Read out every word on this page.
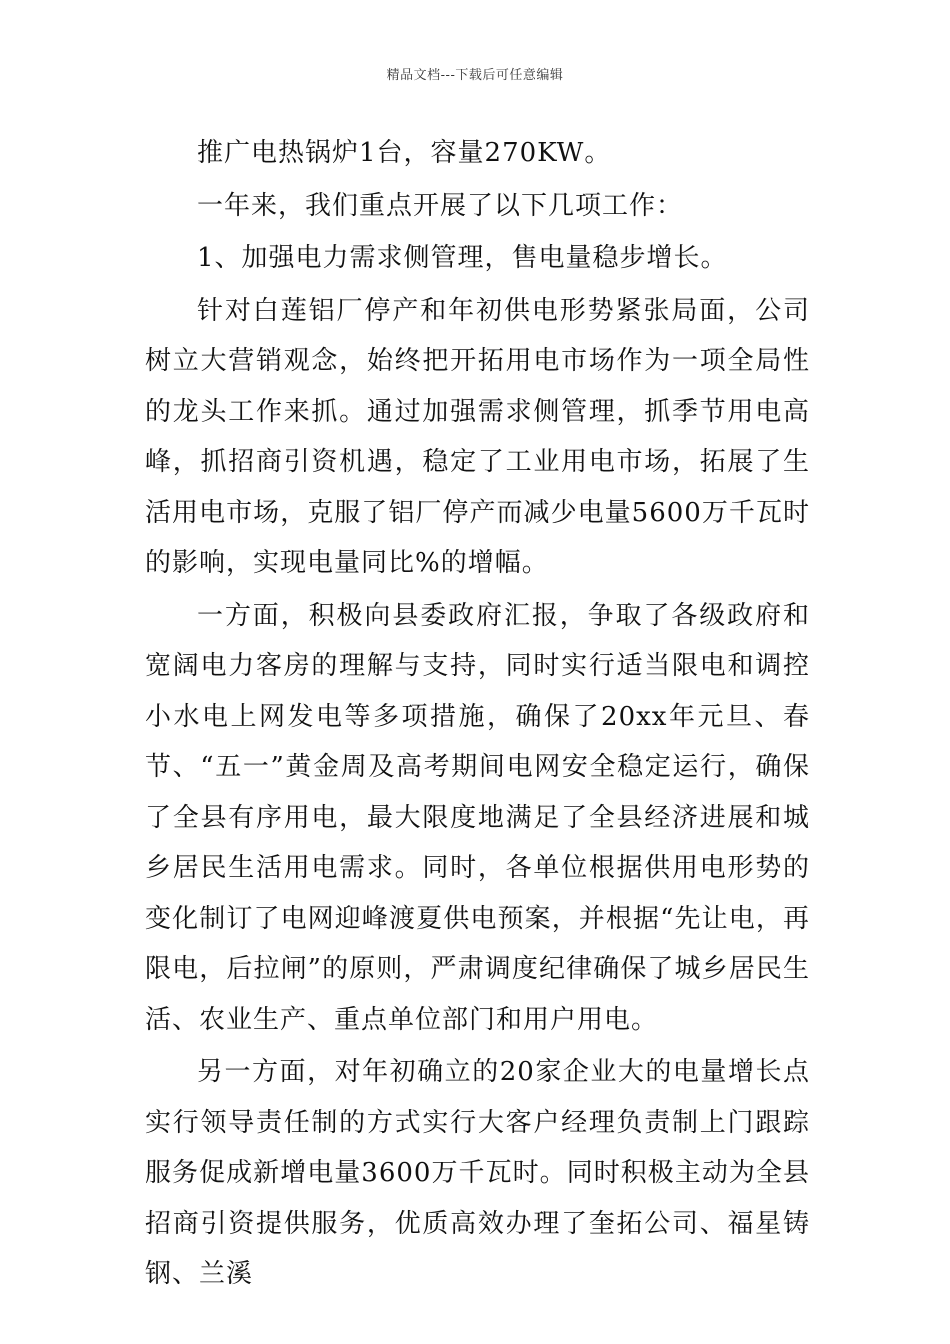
精品文档---下载后可任意编辑

推广电热锅炉1台，容量270KW。

一年来，我们重点开展了以下几项工作：

1、加强电力需求侧管理，售电量稳步增长。

针对白莲铝厂停产和年初供电形势紧张局面，公司树立大营销观念，始终把开拓用电市场作为一项全局性的龙头工作来抓。通过加强需求侧管理，抓季节用电高峰，抓招商引资机遇，稳定了工业用电市场，拓展了生活用电市场，克服了铝厂停产而减少电量5600万千瓦时的影响，实现电量同比%的增幅。

一方面，积极向县委政府汇报，争取了各级政府和宽阔电力客房的理解与支持，同时实行适当限电和调控小水电上网发电等多项措施，确保了20xx年元旦、春节、“五一”黄金周及高考期间电网安全稳定运行，确保了全县有序用电，最大限度地满足了全县经济进展和城乡居民生活用电需求。同时，各单位根据供用电形势的变化制订了电网迎峰渡夏供电预案，并根据“先让电，再限电，后拉闸”的原则，严肃调度纪律确保了城乡居民生活、农业生产、重点单位部门和用户用电。

另一方面，对年初确立的20家企业大的电量增长点实行领导责任制的方式实行大客户经理负责制上门跟踪服务促成新增电量3600万千瓦时。同时积极主动为全县招商引资提供服务，优质高效办理了奎拓公司、福星铸钢、兰溪
